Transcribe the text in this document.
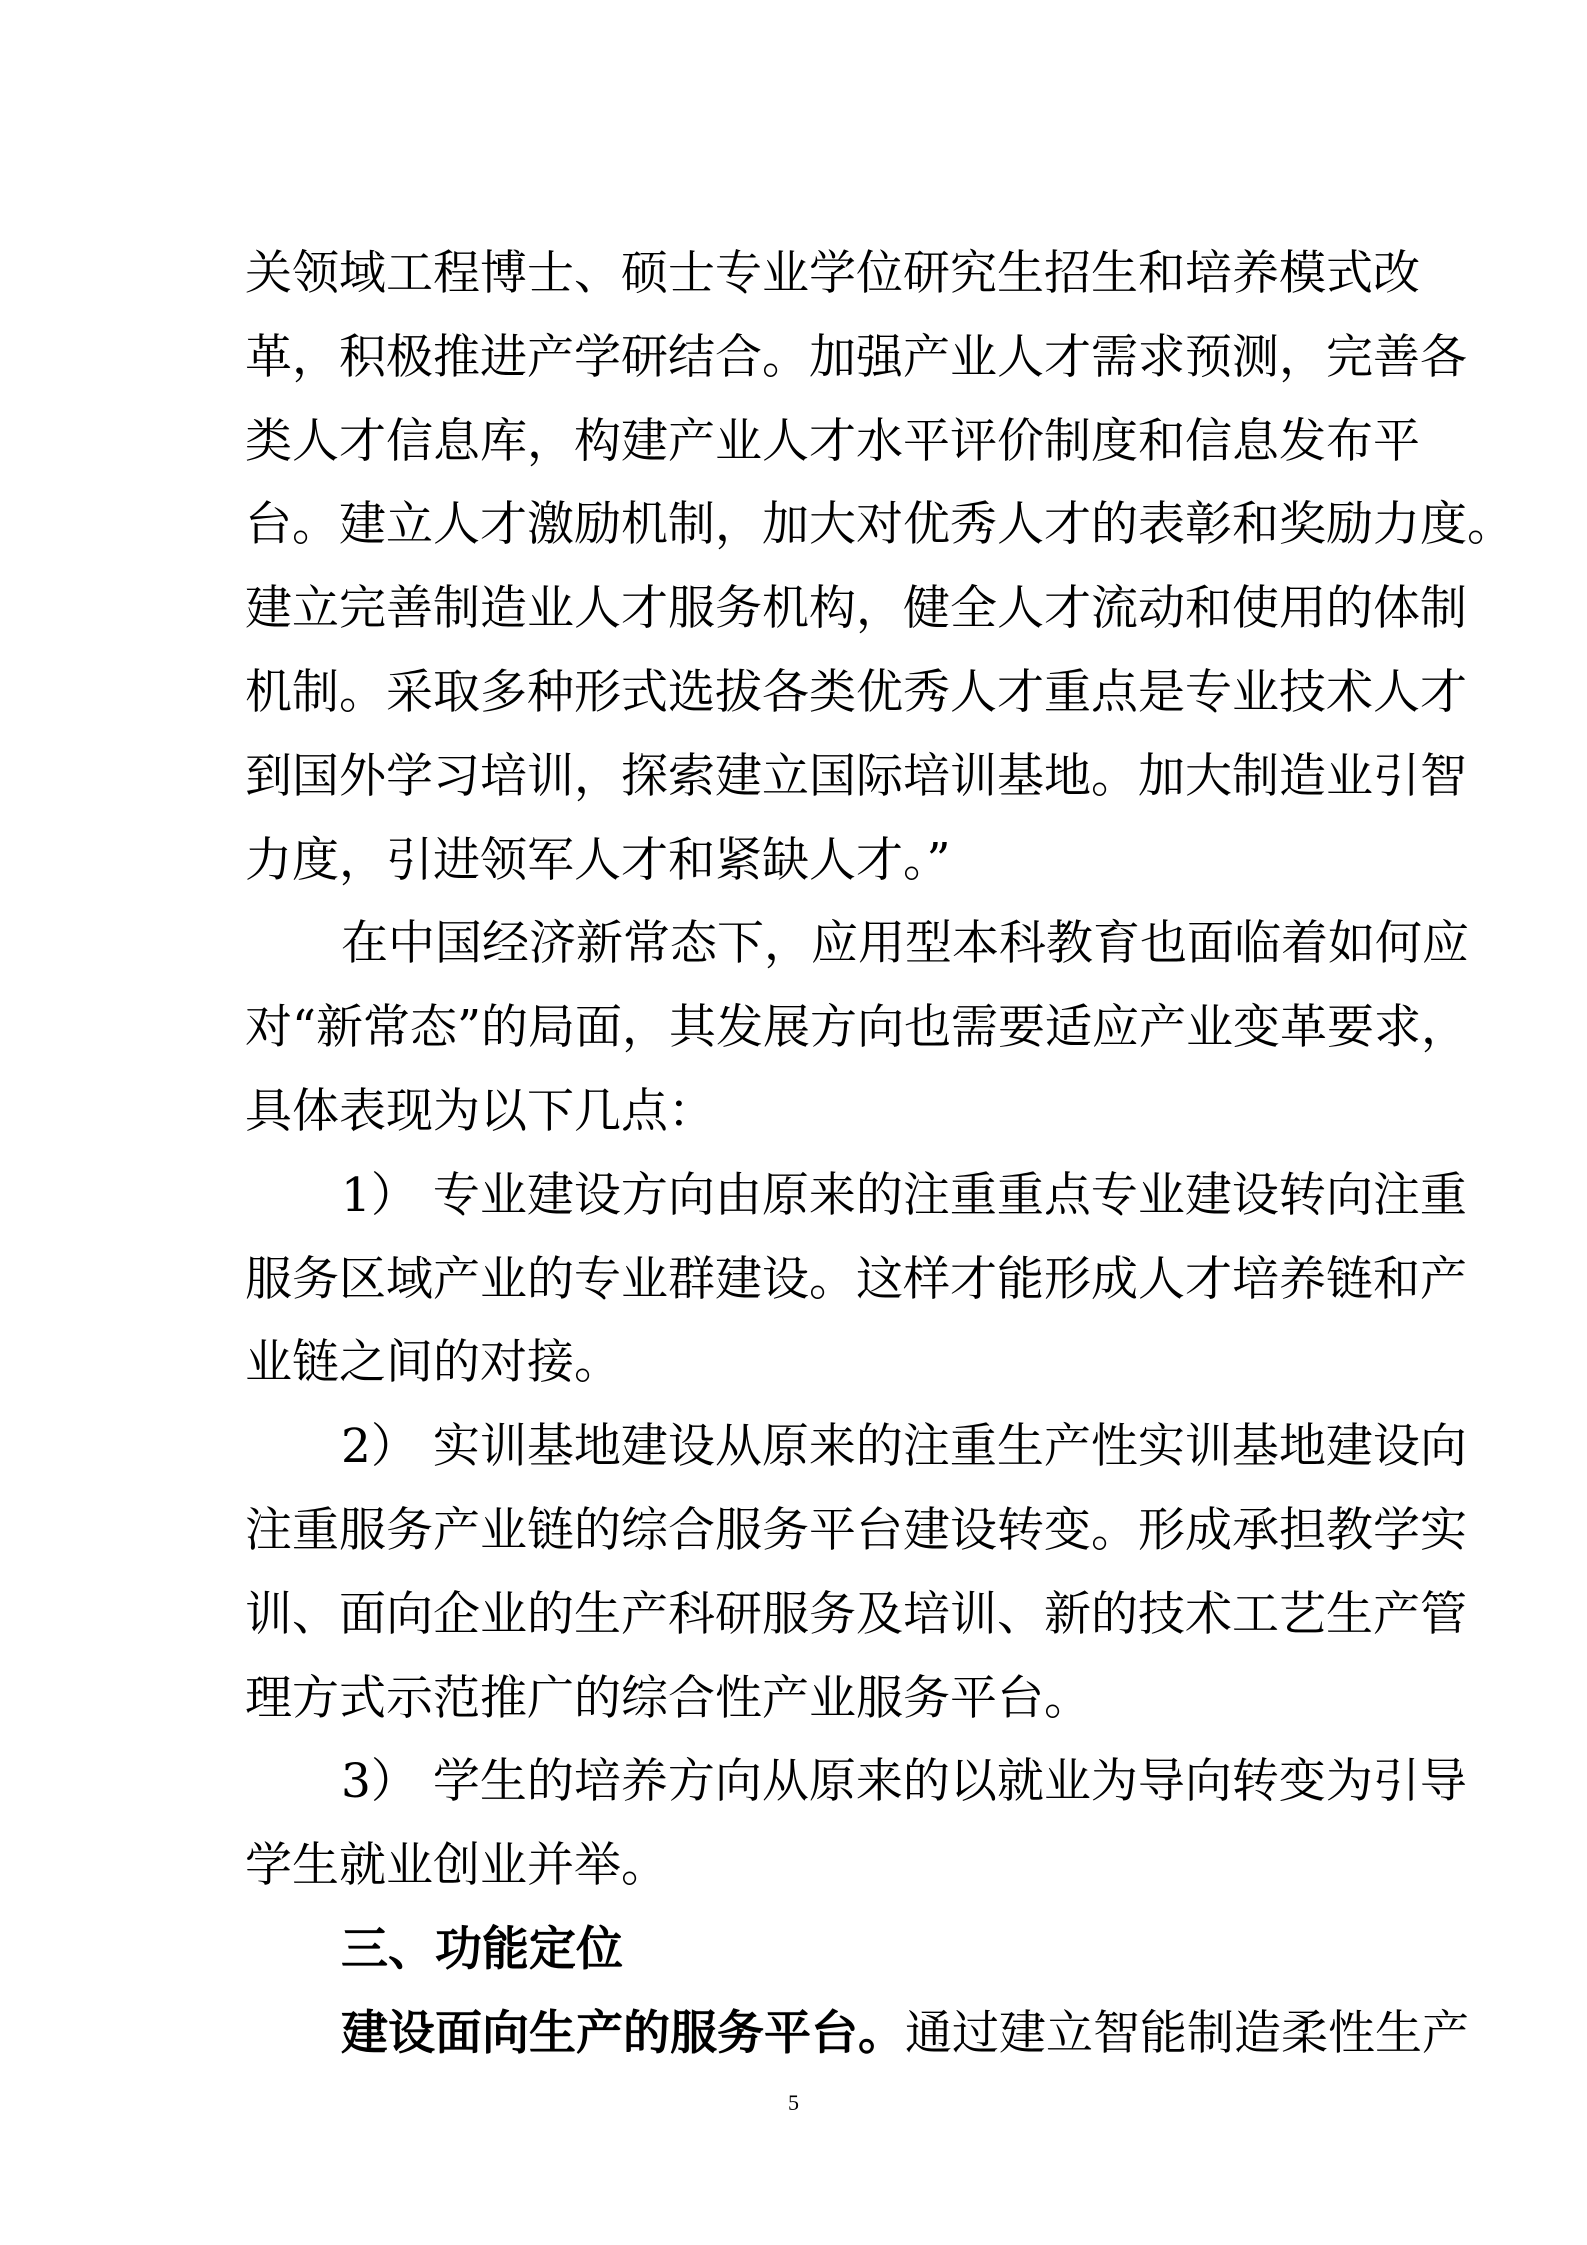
关领域工程博士、硕士专业学位研究生招生和培养模式改
革，积极推进产学研结合。加强产业人才需求预测，完善各
类人才信息库，构建产业人才水平评价制度和信息发布平
台。建立人才激励机制，加大对优秀人才的表彰和奖励力度。
建立完善制造业人才服务机构，健全人才流动和使用的体制
机制。采取多种形式选拔各类优秀人才重点是专业技术人才
到国外学习培训，探索建立国际培训基地。加大制造业引智
力度，引进领军人才和紧缺人才。”
在中国经济新常态下，应用型本科教育也面临着如何应
对“新常态”的局面，其发展方向也需要适应产业变革要求，
具体表现为以下几点：
1） 专业建设方向由原来的注重重点专业建设转向注重
服务区域产业的专业群建设。这样才能形成人才培养链和产
业链之间的对接。
2） 实训基地建设从原来的注重生产性实训基地建设向
注重服务产业链的综合服务平台建设转变。形成承担教学实
训、面向企业的生产科研服务及培训、新的技术工艺生产管
理方式示范推广的综合性产业服务平台。
3） 学生的培养方向从原来的以就业为导向转变为引导
学生就业创业并举。
三、功能定位
建设面向生产的服务平台。通过建立智能制造柔性生产
5
